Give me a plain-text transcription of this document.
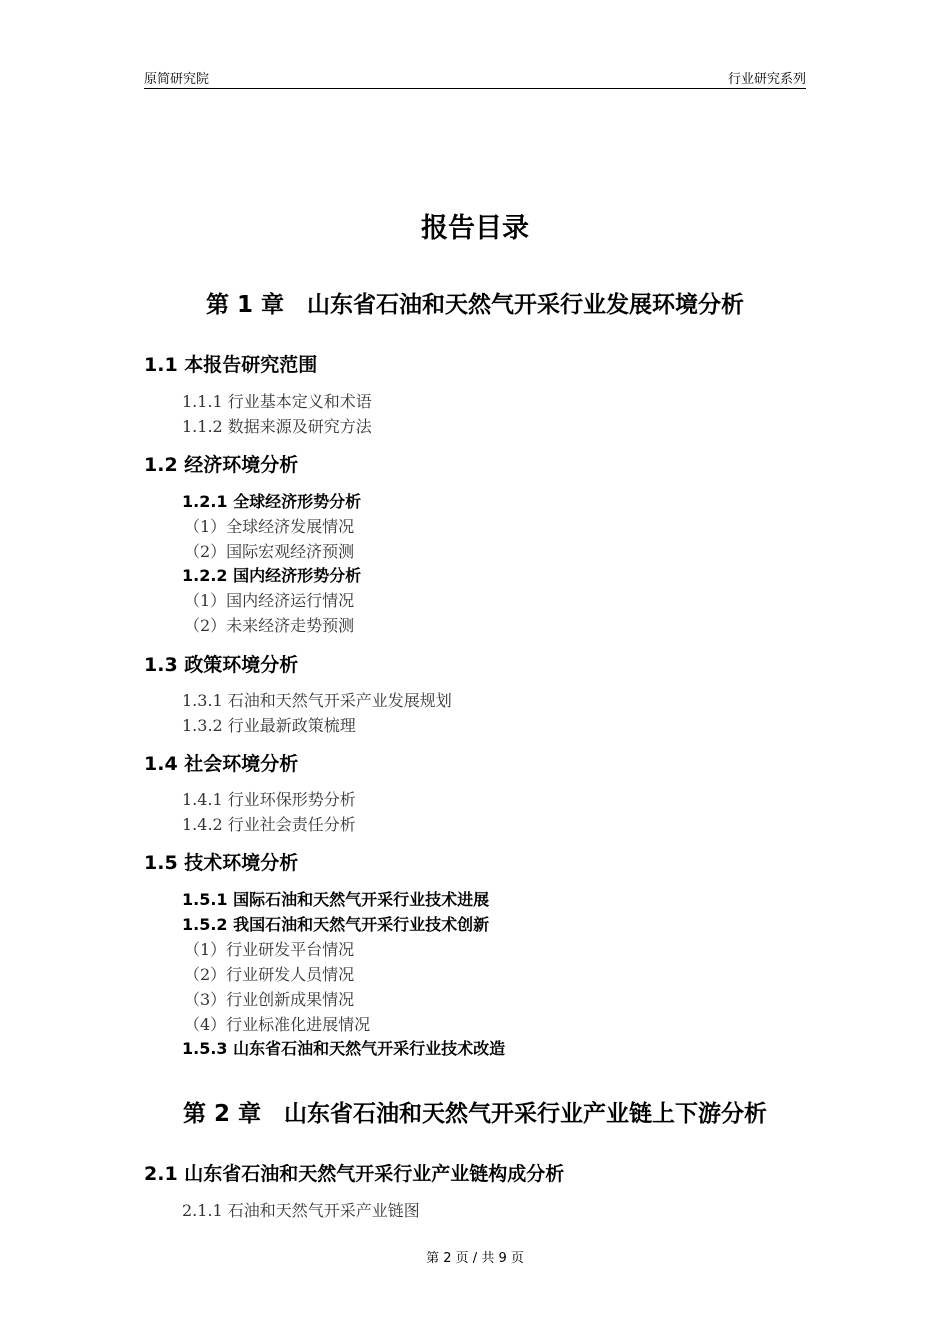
原简研究院	行业研究系列
报告目录
第 1 章　山东省石油和天然气开采行业发展环境分析
1.1 本报告研究范围
1.1.1 行业基本定义和术语
1.1.2 数据来源及研究方法
1.2 经济环境分析
1.2.1 全球经济形势分析
（1）全球经济发展情况
（2）国际宏观经济预测
1.2.2 国内经济形势分析
（1）国内经济运行情况
（2）未来经济走势预测
1.3 政策环境分析
1.3.1 石油和天然气开采产业发展规划
1.3.2 行业最新政策梳理
1.4 社会环境分析
1.4.1 行业环保形势分析
1.4.2 行业社会责任分析
1.5 技术环境分析
1.5.1 国际石油和天然气开采行业技术进展
1.5.2 我国石油和天然气开采行业技术创新
（1）行业研发平台情况
（2）行业研发人员情况
（3）行业创新成果情况
（4）行业标准化进展情况
1.5.3 山东省石油和天然气开采行业技术改造
第 2 章　山东省石油和天然气开采行业产业链上下游分析
2.1 山东省石油和天然气开采行业产业链构成分析
2.1.1 石油和天然气开采产业链图
第 2 页 / 共 9 页
